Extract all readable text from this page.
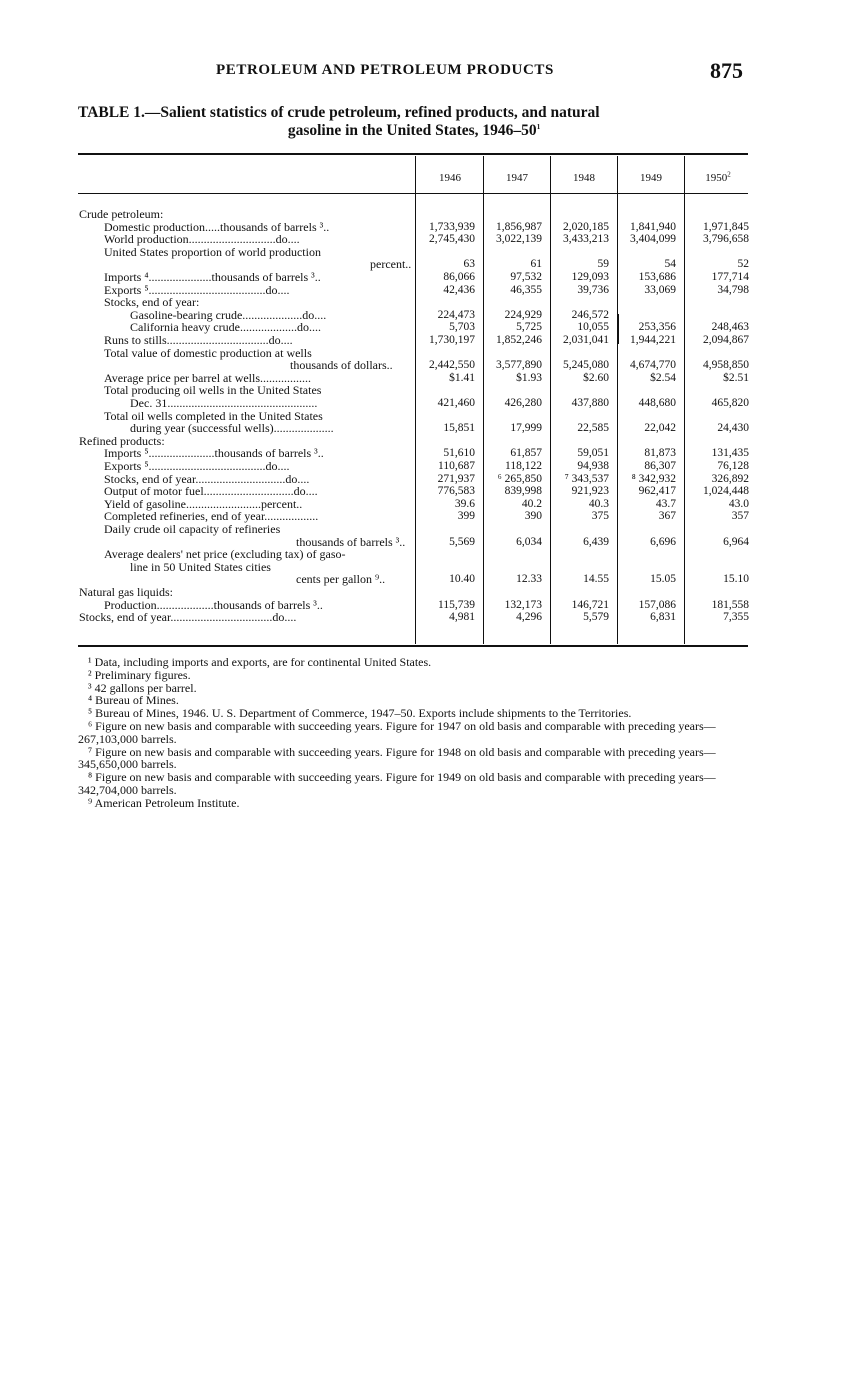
PETROLEUM AND PETROLEUM PRODUCTS	875
TABLE 1.—Salient statistics of crude petroleum, refined products, and natural
gasoline in the United States, $1946-50^1$
1946	1947	1948	1949	1950$^2$
Crude petroleum:
Domestic production.....thousands of barrels ³..	1,733,939	1,856,987	2,020,185	1,841,940	1,971,845
World production.............................do....	2,745,430	3,022,139	3,433,213	3,404,099	3,796,658
United States proportion of world production
percent..	63	61	59	54	52
Imports ⁴.....................thousands of barrels ³..	86,066	97,532	129,093	153,686	177,714
Exports ⁵.......................................do....	42,436	46,355	39,736	33,069	34,798
Stocks, end of year:
Gasoline-bearing crude....................do....	224,473	224,929	246,572
California heavy crude...................do....	5,703	5,725	10,055	253,356	248,463
Runs to stills..................................do....	1,730,197	1,852,246	2,031,041	1,944,221	2,094,867
Total value of domestic production at wells
thousands of dollars..	2,442,550	3,577,890	5,245,080	4,674,770	4,958,850
Average price per barrel at wells.................	$1.41	$1.93	$2.60	$2.54	$2.51
Total producing oil wells in the United States
Dec. 31..................................................	421,460	426,280	437,880	448,680	465,820
Total oil wells completed in the United States
during year (successful wells)....................	15,851	17,999	22,585	22,042	24,430
Refined products:
Imports ⁵......................thousands of barrels ³..	51,610	61,857	59,051	81,873	131,435
Exports ⁵.......................................do....	110,687	118,122	94,938	86,307	76,128
Stocks, end of year..............................do....	271,937	⁶ 265,850	⁷ 343,537	⁸ 342,932	326,892
Output of motor fuel..............................do....	776,583	839,998	921,923	962,417	1,024,448
Yield of gasoline.........................percent..	39.6	40.2	40.3	43.7	43.0
Completed refineries, end of year..................	399	390	375	367	357
Daily crude oil capacity of refineries
thousands of barrels ³..	5,569	6,034	6,439	6,696	6,964
Average dealers' net price (excluding tax) of gaso-
line in 50 United States cities
cents per gallon ⁹..	10.40	12.33	14.55	15.05	15.10
Natural gas liquids:
Production...................thousands of barrels ³..	115,739	132,173	146,721	157,086	181,558
Stocks, end of year..................................do....	4,981	4,296	5,579	6,831	7,355

¹ Data, including imports and exports, are for continental United States.

² Preliminary figures.

³ 42 gallons per barrel.

⁴ Bureau of Mines.

⁵ Bureau of Mines, 1946. U. S. Department of Commerce, 1947–50. Exports include shipments to the Territories.

⁶ Figure on new basis and comparable with succeeding years. Figure for 1947 on old basis and comparable with preceding years—267,103,000 barrels.

⁷ Figure on new basis and comparable with succeeding years. Figure for 1948 on old basis and comparable with preceding years—345,650,000 barrels.

⁸ Figure on new basis and comparable with succeeding years. Figure for 1949 on old basis and comparable with preceding years—342,704,000 barrels.

⁹ American Petroleum Institute.
